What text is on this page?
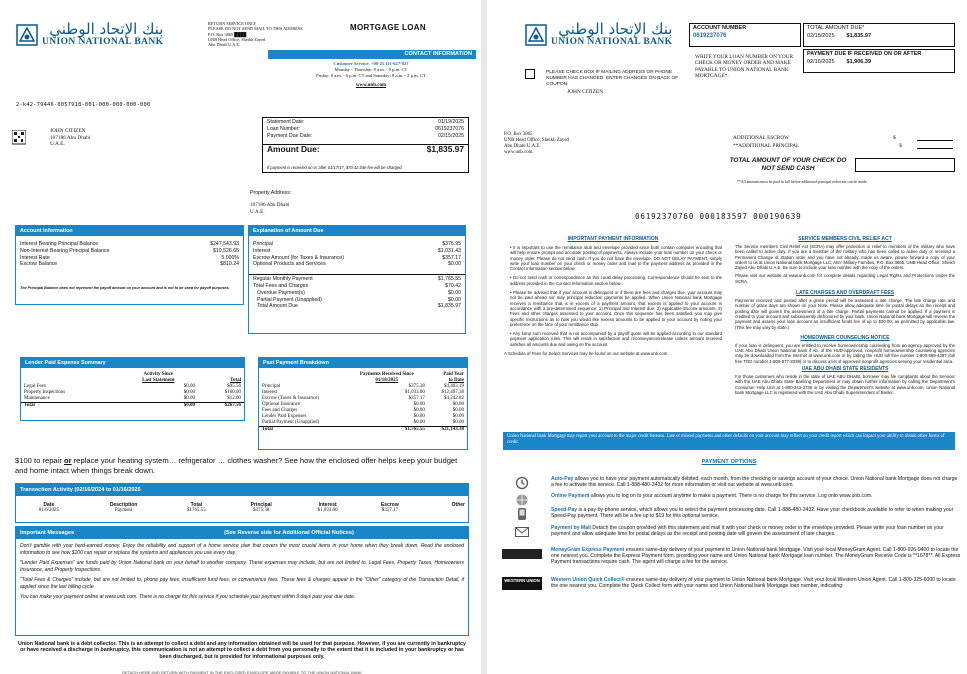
بنك الإتحاد الوطني
UNION NATIONAL BANK
RETURN SERVICE ONLY
PLEASE DO NOT SEND MAIL TO THIS ADDRESS
P.O. Box 3865 ████
UNB Head Office, Sheikh Zayed
Abu Dhabi U.A.E.
MORTGAGE LOAN
CONTACT INFORMATION
Customer Service: +00-21 111-627-827
Monday - Thursday: 8 a.m. - 8 p.m. CT
Friday: 8 a.m. - 6 p.m. CT and Saturday: 8 a.m. - 2 p.m. CT
www.unb.com
2-k42-79446-0057918-001-000-000-000-000
JOHN CITIZEN
107186 Abu Dhabi
U.A.E.
Statement Date:	01/19/2025
Loan Number:	0619237076
Payment Due Date:	02/15/2025
Amount Due:	$1,835.97
If payment is received on or after 01/17/17, $70.42 late fee will be charged.
Property Address:
107186 Abu Dhabi
U.A.E.
Account Information
Interest Bearing Principal Balance	$247,543.93
Non-Interest Bearing Principal Balance	$10,526.65
Interest Rate	5.000%
Escrow Balance	$810.24
The Principal Balance does not represent the payoff amount on your account and is not to be used for payoff purposes.
Explanation of Amount Due
Principal	$376.95
Interest	$1,031.43
Escrow Amount (for Taxes & Insurance)	$357.17
Optional Products and Services	$0.00
Regular Monthly Payment	$1,765.55
Total Fees and Charges	$70.42
Overdue Payment(s)	$0.00
Partial Payment (Unapplied)	$0.00
Total Amount Due	$1,835.97
Lender Paid Expense Summary
	Activity Since	
	Last Statement	Total
Legal Fees	$0.00	$95.56
Property Inspections	$0.00	$160.00
Maintenance	$0.00	$12.00
Total	$0.00	$267.56
Past Payment Breakdown
	Payments Received Since	Paid Year
	01/18/2025	to Date
Principal	$375.38	$4,403.19
Interest	$1,033.00	$12,497.38
Escrow (Taxes & Insurance)	$357.17	$4,242.82
Optional Insurance	$0.00	$0.00
Fees and Charges	$0.00	$0.00
Lender Paid Expenses	$0.00	$0.00
Partial Payment (Unapplied)	$0.00	$0.00
Total	$1,765.55	$21,143.38
$100 to repair or replace your heating system… refrigerator … clothes washer? See how the enclosed offer helps keep your budget and home intact when things break down.
Transaction Activity (02/16/2024 to 01/16/2025
Date	Description	Total	Principal	Interest	Escrow	Other
01/6/2025	Payment	$1765.55	$375.38	$1,033.00	$357.17	
Important Messages	(See Reverse side for Additional Official Notices)

Don't gamble with your hard-earned money. Enjoy the reliability and support of a home service plan that covers the most crucial items in your home when they break down. Read the enclosed information to see how $100 can repair or replace the systems and appliances you use every day.

"Lender Paid Expenses" are funds paid by Union National bank on your behalf to another company. These expenses may include, but are not limited to, Legal Fees, Property Taxes, Homeowners Insurance, and Property Inspections.

"Total Fees & Charges" include, but are not limited to, phone pay fees, insufficient fund fees, or convenience fees. These fees & charges appear in the "Other" category of the Transaction Detail, if applied since the last billing cycle.

You can make your payment online at www.unb.com. There is no charge for this service if you schedule your payment within 9 days past your due date.

Union National bank is a debt collector. This is an attempt to collect a debt and any information obtained will be used for that purpose. However, if you are currently in bankruptcy or have received a discharge in bankruptcy, this communication is not an attempt to collect a debt from you personally to the extent that it is included in your bankruptcy or has been discharged, but is provided for informational purposes only.
DETACH HERE AND RETURN WITH PAYMENT IN THE ENCLOSED ENVELOPE MADE PAYABLE TO THE UNION NATIONAL BANK
بنك الإتحاد الوطني
UNION NATIONAL BANK
ACCOUNT NUMBER
0619237076
TOTAL AMOUNT DUE*
02/15/2025 $1,835.97
PAYMENT DUE IF RECEIVED ON OR AFTER
02/16/2025 $1,906.39
WRITE YOUR LOAN NUMBER ON YOUR CHECK OR MONEY ORDER AND MAKE PAYABLE TO UNION NATIONAL BANK MORTGAGE*.
PLEASE CHECK BOX IF MAILING ADDRESS OR PHONE NUMBER HAS CHANGED. ENTER CHANGES ON BACK OF COUPON.
JOHN CITIZEN
P.O. Box 3865
UNB Head Office, Sheikh Zayed
Abu Dhabi U.A.E.
www.unb.com.
ADDITIONAL ESCROW	$
**ADDITIONAL PRINCIPAL	$
TOTAL AMOUNT OF YOUR CHECK DO NOT SEND CASH
**All amounts must be paid in full before additional principal reduction can be made.
06192370760 000183597 000190639
IMPORTANT PAYMENT INFORMATION

• It is important to use the remittance stub and envelope provided since both contain computer encoding that will help ensure prompt and accurate posting of payments. Always include your loan number on your check or money order. Please do not send cash. If you do not have the envelope, DO NOT DELAY PAYMENT, simply write your loan number on your check or money order and mail to the payment address as provided in the Contact Information section below.

• Do not send cash or correspondence as this could delay processing. Correspondence should be sent to the address provided in the Contact Information section below.

• Please be advised that if your account is delinquent or if there are fees and charges due, your account may not be paid ahead nor may principal reduction payments be applied. When Union National bank Mortgage receives a remittance that is in excess of a payment amount, that excess is applied to your account in accordance with a pre-determined sequence: 1) Principal and Interest due; 2) Applicable Escrow amounts; 3) Fees and other charges assessed to your account. Once this sequence has been satisfied, you may give specific instructions as to how you would like excess amounts to be applied to your account by noting your preference on the face of your remittance stub.

• Any lump sum received that is not accompanied by a payoff quote will be applied according to our standard payment application rules. This will result in satisfaction and reconveyance/release unless amount received satisfies all amounts due and owing on the account.

A Schedule of Fees for Select Services may be found on our website at www.unb.com.

SERVICE MEMBERS CIVIL RELIEF ACT

The Service members Civil Relief Act (SCRA) may offer protection or relief to members of the military who have been called to active duty. If you are a member of the military who has been called to active duty or received a Permanent Change of Station order and you have not already, made us aware, please forward a copy of your orders to us at Union National bank Mortgage LLC, Attn: Military Families, P.O. Box 3865, UNB Head Office, Sheikh Zayed Abu Dhabi U.A.E. Be sure to include your loan number with the copy of the orders.

Please visit our website at www.unb.com for complete details regarding Legal Rights and Protections Under the SCRA.

LATE CHARGES AND OVERDRAFT FEES

Payments received and posted after a grace period will be assessed a late charge. The late charge rate and number of grace days are shown on your Note. Please allow adequate time for postal delays as the receipt and posting date will govern the assessment of a late charge. Partial payments cannot be applied. If a payment is credited to your account and subsequently dishonored by your bank, Union National bank Mortgage will reverse the payment and assess your loan account an insufficient funds fee of up to $30.00, as permitted by applicable law. (This fee may vary by state.)

HOMEOWNER COUNSELING NOTICE

If your loan is delinquent, you are entitled to receive homeownership counseling from an agency approved by the UAE Abu Dhabi Union National bank if Ab. of the HUD-approved, nonprofit homeownership counseling agencies may be downloaded from the Internet at www.unb.com or by calling the HUD toll free number 1-800-569-4287 (toll free TDD number 1-800-877-8339) or to discuss a list of approved nonprofit agencies serving your residential area.

UAE ABU DHABI STATE RESIDENTS

For those customers who reside in the state of UAE ABU DHABI, borrower may file complaints about the Servicer with the UAE Abu Dhabi State Banking Department or may obtain further information by calling the Department's Consumer Help Unit at 1-800-342-3736 or by visiting the Department's website at www.unb.com. Union National bank Mortgage LLC is registered with the UAE Abu Dhabi Superintendent of Banks.

Union National bank Mortgage may report your account to the major credit bureaus. Late or missed payments and other defaults on your account may reflect on your credit report which can impact your ability to obtain other forms of credit.
PAYMENT OPTIONS
Auto-Pay allows you to have your payment automatically debited, each month, from the checking or savings account of your choice. Union National bank Mortgage does not charge a fee to activate this service. Call 1-888-480-2432 for more information or visit our website at www.unb.com.
Online Payment allows you to log on to your account anytime to make a payment. There is no charge for this service. Log onto www.unb.com.
Speed-Pay is a pay-by-phone service, which allows you to select the payment processing date. Call 1-888-480-2432. Have your checkbook available to refer to when making your Speed-Pay payment. There will be a fee up to $19 for this optional service.
Payment by Mail Detach the coupon provided with this statement and mail it with your check or money order in the envelope provided. Please write your loan number on your payment and allow adequate time for postal delays as the receipt and posting date will govern the assessment of late charges.
MoneyGram Express Payment ensures same-day delivery of your payment to Union National bank Mortgage. Visit your local MoneyGram Agent. Call 1-800-926-9400 to locate the one nearest you. Complete the Express Payment form, providing your name and Union National bank Mortgage loan number. The MoneyGram Receive Code is **1678**. All Express Payment transactions require cash. The agent will charge a fee for the service.
WESTERN UNION	Western Union Quick Collect® ensures same-day delivery of your payment to Union National bank Mortgage. Visit your local Western Union Agent. Call 1-800-325-6000 to locate the one nearest you. Complete the Quick Collect form with your name and Union National bank Mortgage loan number, indicating:
